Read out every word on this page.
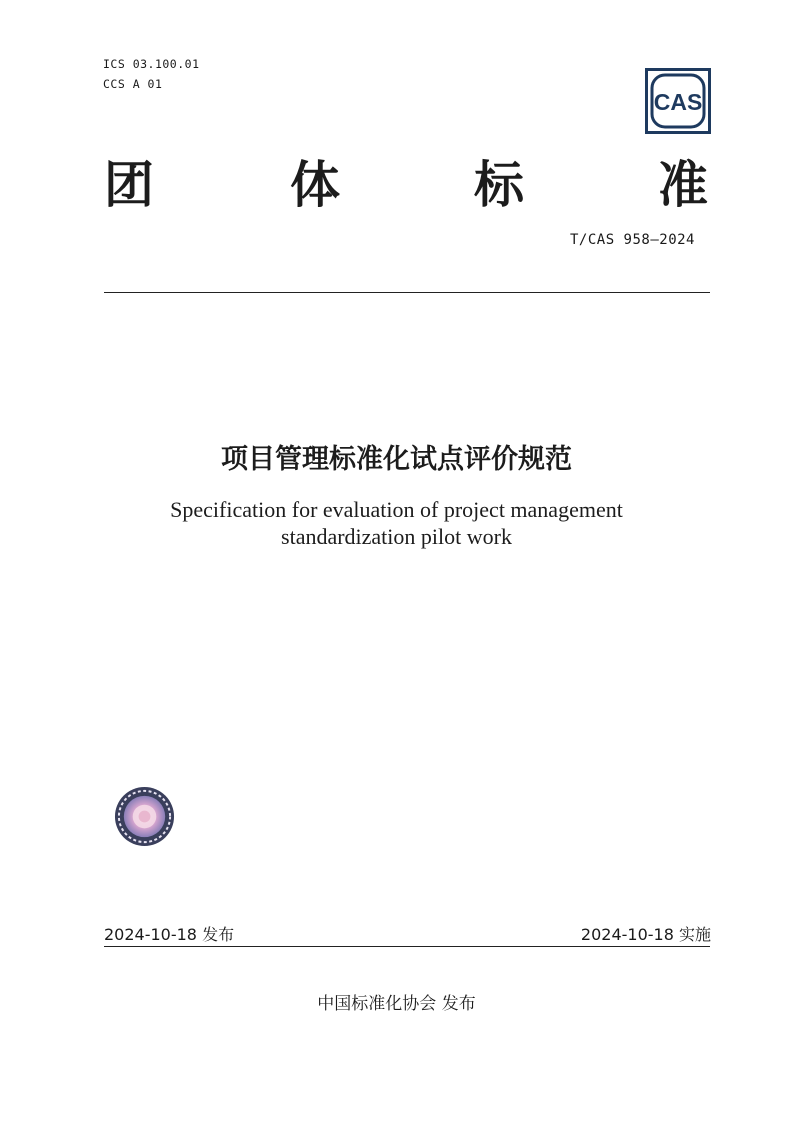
ICS 03.100.01
CCS A 01
CAS
团	体	标	准
T/CAS 958—2024
项目管理标准化试点评价规范
Specification for evaluation of project management
standardization pilot work
2024-10-18 发布	2024-10-18 实施
中国标准化协会 发布
